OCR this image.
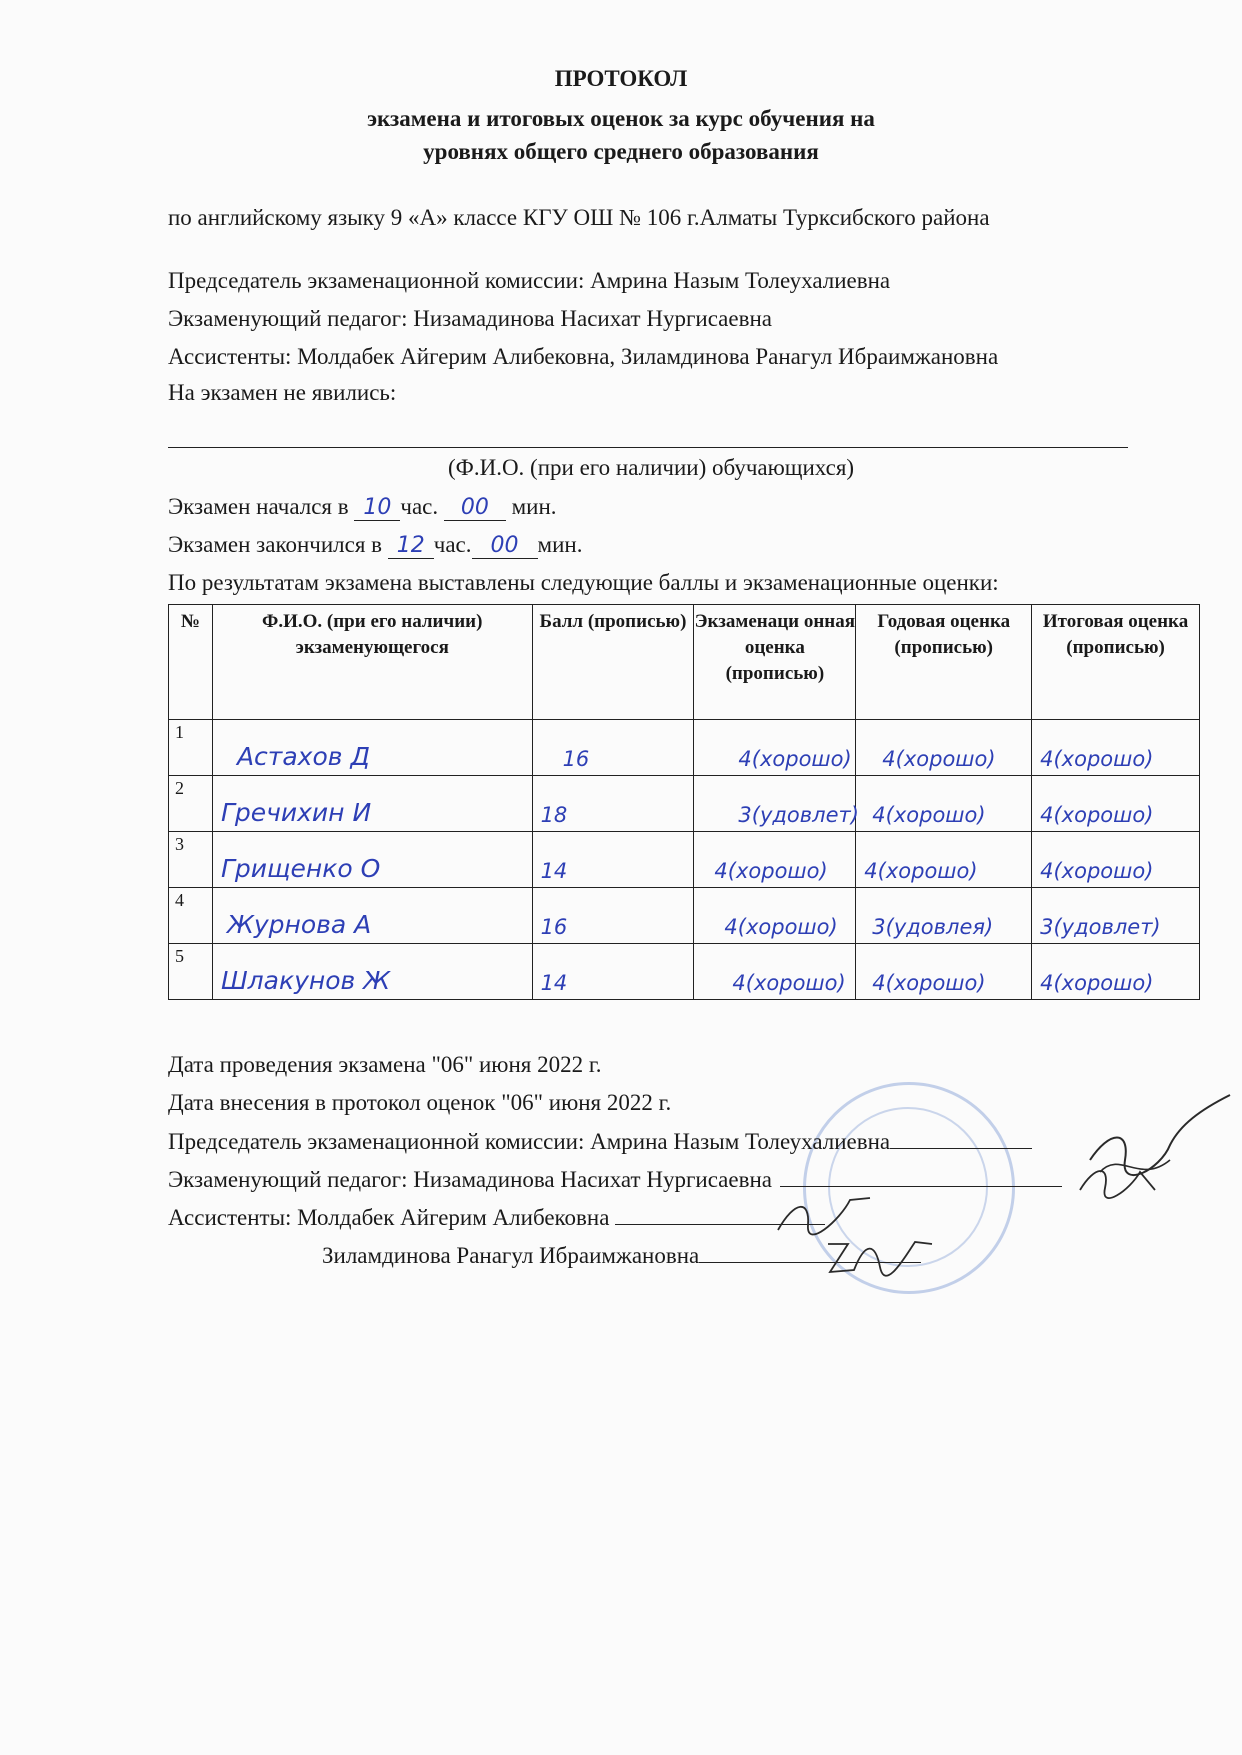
ПРОТОКОЛ
экзамена и итоговых оценок за курс обучения на
уровнях общего среднего образования
по английскому языку 9 «А» классе КГУ ОШ № 106 г.Алматы Турксибского района
Председатель экзаменационной комиссии: Амрина Назым Толеухалиевна
Экзаменующий педагог: Низамадинова Насихат Нургисаевна
Ассистенты: Молдабек Айгерим Алибековна, Зиламдинова Ранагул Ибраимжановна
На экзамен не явились:
(Ф.И.О. (при его наличии) обучающихся)
Экзамен начался в 10 час. 00 мин.
Экзамен закончился в 12 час. 00 мин.
По результатам экзамена выставлены следующие баллы и экзаменационные оценки:
№	Ф.И.О. (при его наличии) экзаменующегося	Балл (прописью)	Экзаменаци онная оценка (прописью)	Годовая оценка (прописью)	Итоговая оценка (прописью)

1	Астахов Д	16	4(хорошо)	4(хорошо)	4(хорошо)

2	Гречихин И	18	3(удовлет)	4(хорошо)	4(хорошо)

3	Грищенко О	14	4(хорошо)	4(хорошо)	4(хорошо)

4	Журнова А	16	4(хорошо)	3(удовлея)	3(удовлет)

5	Шлакунов Ж	14	4(хорошо)	4(хорошо)	4(хорошо)
Дата проведения экзамена "06" июня 2022 г.
Дата внесения в протокол оценок "06" июня 2022 г.
Председатель экзаменационной комиссии: Амрина Назым Толеухалиевна
Экзаменующий педагог: Низамадинова Насихат Нургисаевна
Ассистенты: Молдабек Айгерим Алибековна
Зиламдинова Ранагул Ибраимжановна
